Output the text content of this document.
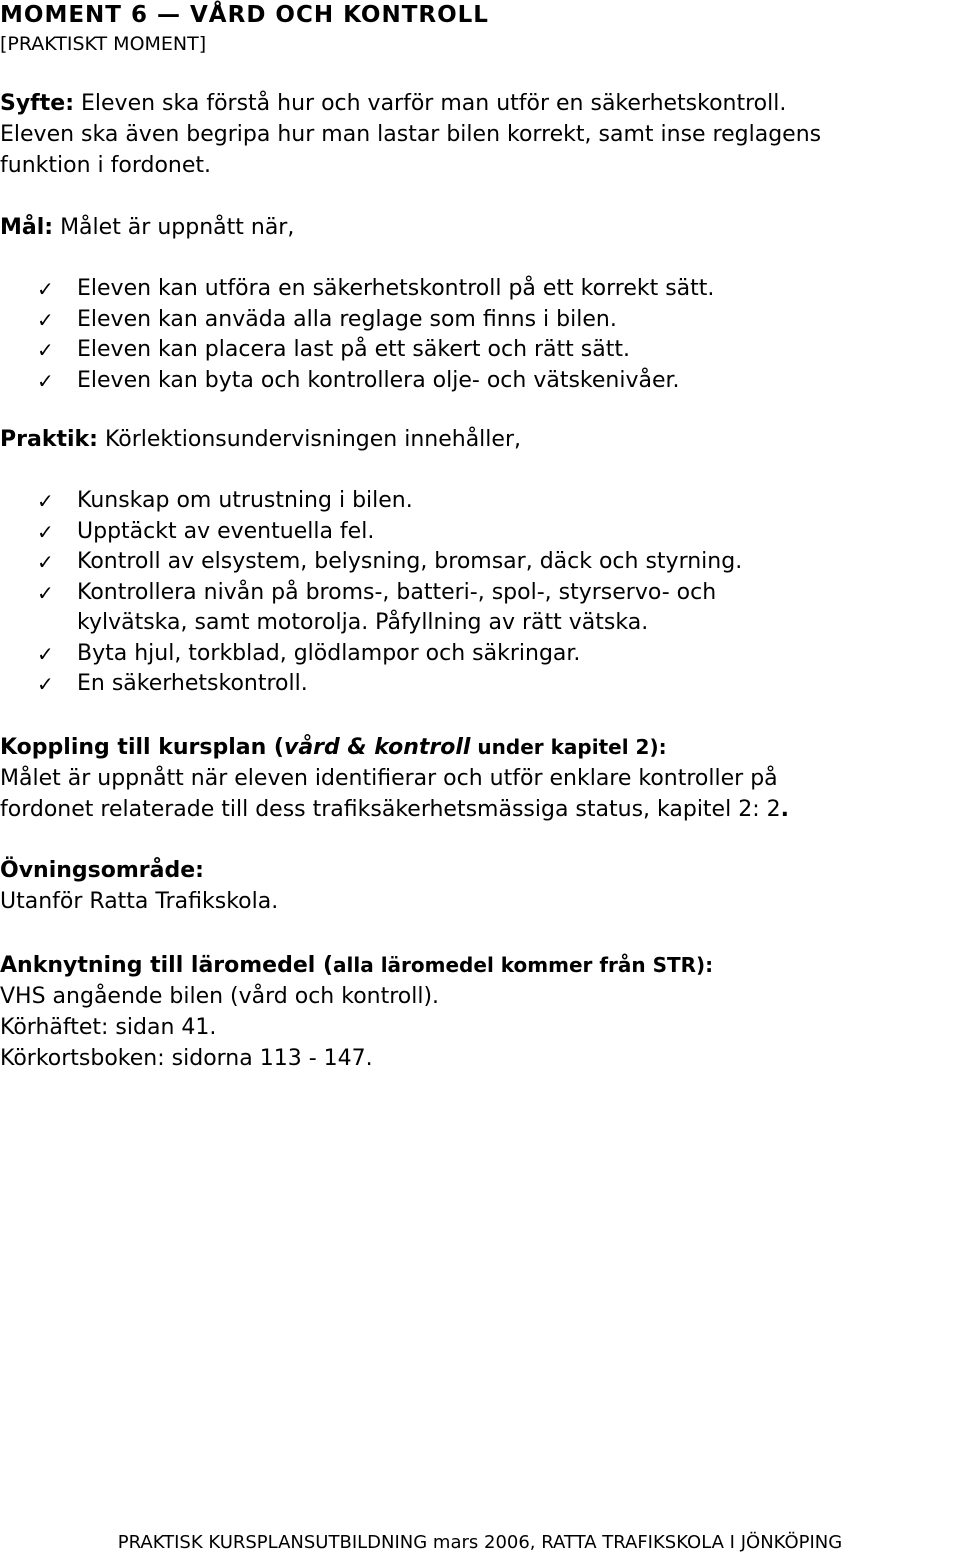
MOMENT 6 — VÅRD OCH KONTROLL
[PRAKTISKT MOMENT]
Syfte: Eleven ska förstå hur och varför man utför en säkerhetskontroll.
Eleven ska även begripa hur man lastar bilen korrekt, samt inse reglagens
funktion i fordonet.
Mål: Målet är uppnått när,
✓ Eleven kan utföra en säkerhetskontroll på ett korrekt sätt.
✓ Eleven kan anväda alla reglage som finns i bilen.
✓ Eleven kan placera last på ett säkert och rätt sätt.
✓ Eleven kan byta och kontrollera olje- och vätskenivåer.
Praktik: Körlektionsundervisningen innehåller,
✓ Kunskap om utrustning i bilen.
✓ Upptäckt av eventuella fel.
✓ Kontroll av elsystem, belysning, bromsar, däck och styrning.
✓ Kontrollera nivån på broms-, batteri-, spol-, styrservo- och
kylvätska, samt motorolja. Påfyllning av rätt vätska.
✓ Byta hjul, torkblad, glödlampor och säkringar.
✓ En säkerhetskontroll.
Koppling till kursplan (vård & kontroll under kapitel 2):
Målet är uppnått när eleven identifierar och utför enklare kontroller på
fordonet relaterade till dess trafiksäkerhetsmässiga status, kapitel 2: 2.
Övningsområde:
Utanför Ratta Trafikskola.
Anknytning till läromedel (alla läromedel kommer från STR):
VHS angående bilen (vård och kontroll).
Körhäftet: sidan 41.
Körkortsboken: sidorna 113 - 147.
PRAKTISK KURSPLANSUTBILDNING mars 2006, RATTA TRAFIKSKOLA I JÖNKÖPING
